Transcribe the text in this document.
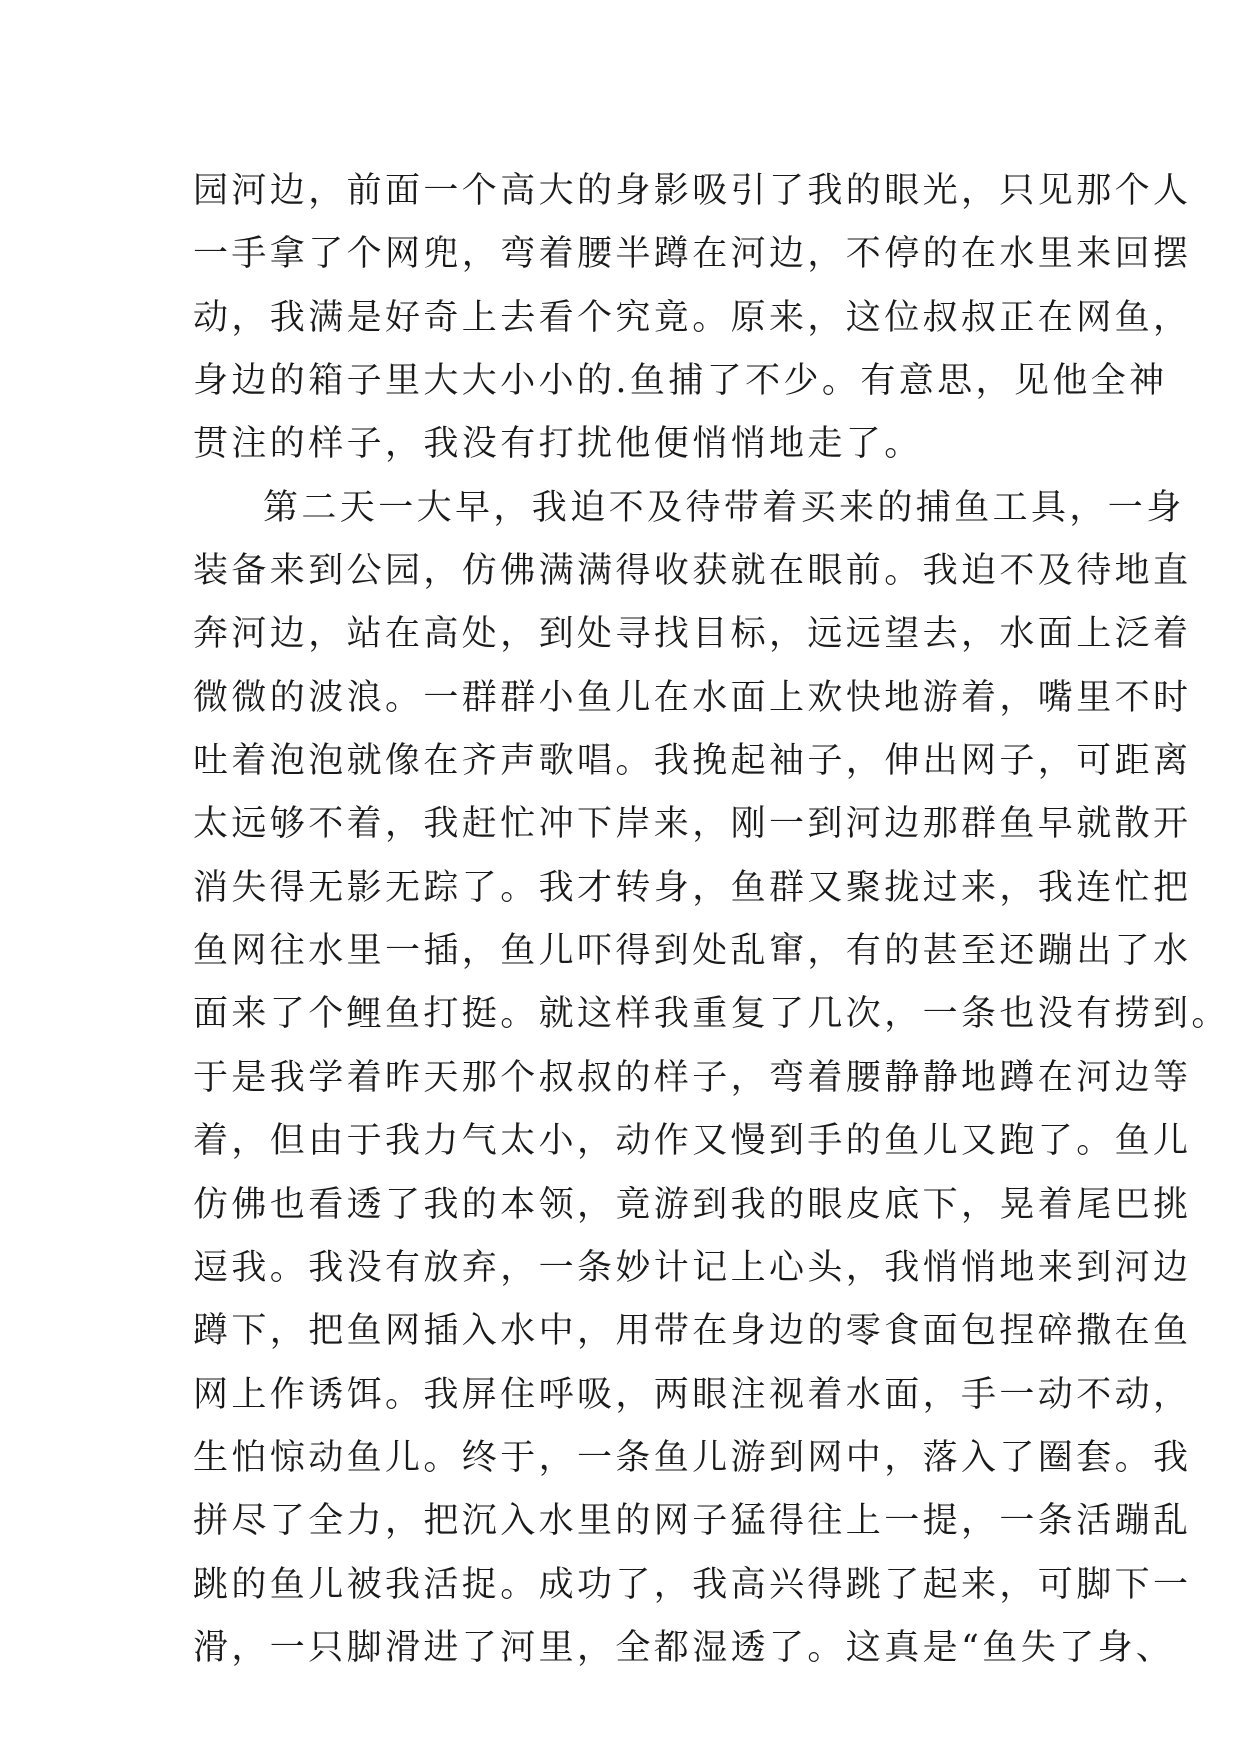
园河边，前面一个高大的身影吸引了我的眼光，只见那个人
一手拿了个网兜，弯着腰半蹲在河边，不停的在水里来回摆
动，我满是好奇上去看个究竟。原来，这位叔叔正在网鱼，
身边的箱子里大大小小的.鱼捕了不少。有意思，见他全神
贯注的样子，我没有打扰他便悄悄地走了。
第二天一大早，我迫不及待带着买来的捕鱼工具，一身
装备来到公园，仿佛满满得收获就在眼前。我迫不及待地直
奔河边，站在高处，到处寻找目标，远远望去，水面上泛着
微微的波浪。一群群小鱼儿在水面上欢快地游着，嘴里不时
吐着泡泡就像在齐声歌唱。我挽起袖子，伸出网子，可距离
太远够不着，我赶忙冲下岸来，刚一到河边那群鱼早就散开
消失得无影无踪了。我才转身，鱼群又聚拢过来，我连忙把
鱼网往水里一插，鱼儿吓得到处乱窜，有的甚至还蹦出了水
面来了个鲤鱼打挺。就这样我重复了几次，一条也没有捞到。
于是我学着昨天那个叔叔的样子，弯着腰静静地蹲在河边等
着，但由于我力气太小，动作又慢到手的鱼儿又跑了。鱼儿
仿佛也看透了我的本领，竟游到我的眼皮底下，晃着尾巴挑
逗我。我没有放弃，一条妙计记上心头，我悄悄地来到河边
蹲下，把鱼网插入水中，用带在身边的零食面包捏碎撒在鱼
网上作诱饵。我屏住呼吸，两眼注视着水面，手一动不动，
生怕惊动鱼儿。终于，一条鱼儿游到网中，落入了圈套。我
拼尽了全力，把沉入水里的网子猛得往上一提，一条活蹦乱
跳的鱼儿被我活捉。成功了，我高兴得跳了起来，可脚下一
滑，一只脚滑进了河里，全都湿透了。这真是“鱼失了身、
